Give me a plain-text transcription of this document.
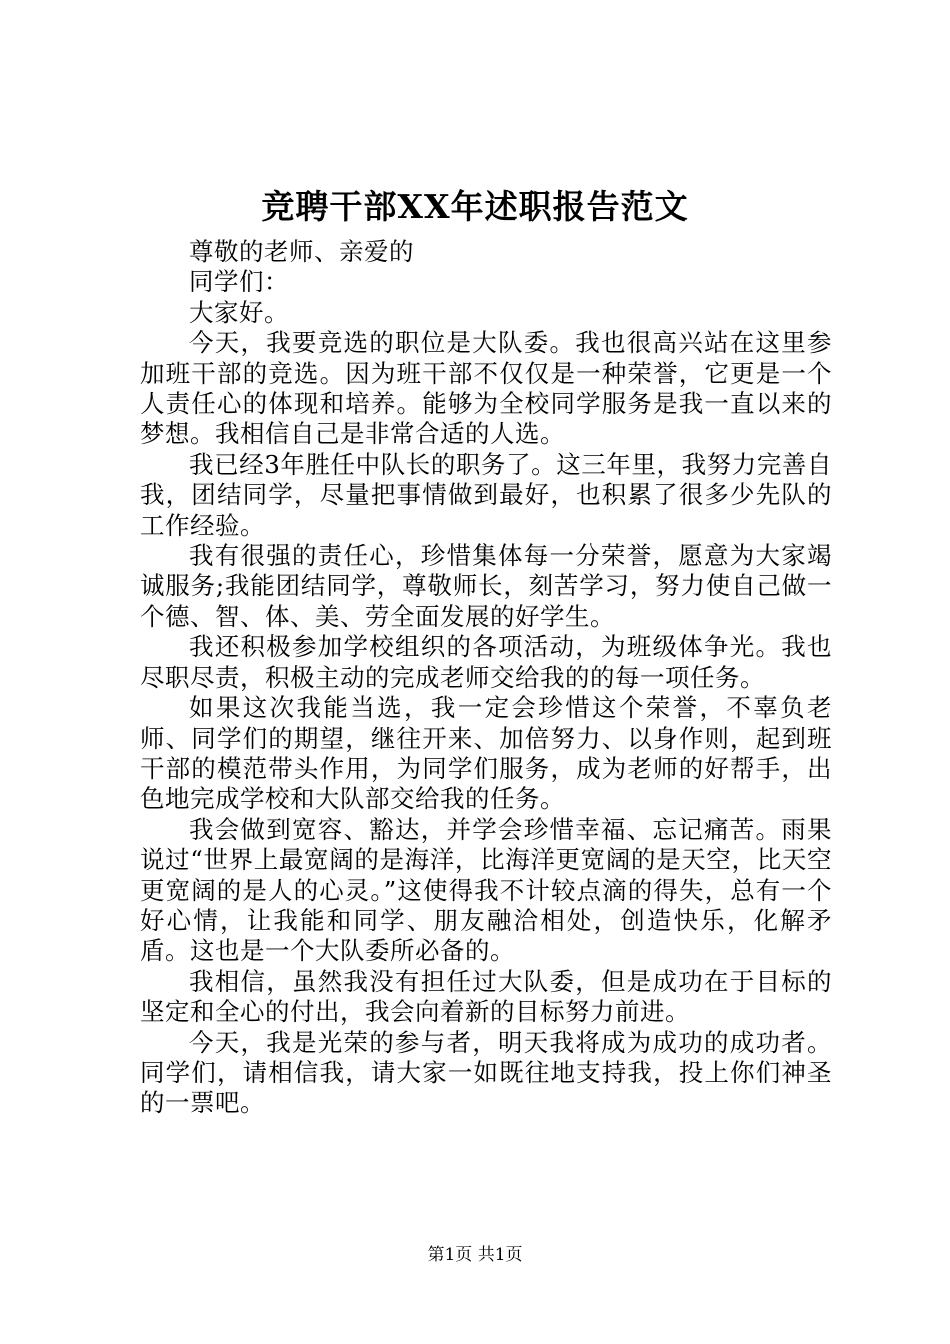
竞聘干部XX年述职报告范文

尊敬的老师、亲爱的

同学们：

大家好。

今天，我要竞选的职位是大队委。我也很高兴站在这里参加班干部的竞选。因为班干部不仅仅是一种荣誉，它更是一个人责任心的体现和培养。能够为全校同学服务是我一直以来的梦想。我相信自己是非常合适的人选。

我已经3年胜任中队长的职务了。这三年里，我努力完善自我，团结同学，尽量把事情做到最好，也积累了很多少先队的工作经验。

我有很强的责任心，珍惜集体每一分荣誉，愿意为大家竭诚服务;我能团结同学，尊敬师长，刻苦学习，努力使自己做一个德、智、体、美、劳全面发展的好学生。

我还积极参加学校组织的各项活动，为班级体争光。我也尽职尽责，积极主动的完成老师交给我的的每一项任务。

如果这次我能当选，我一定会珍惜这个荣誉，不辜负老师、同学们的期望，继往开来、加倍努力、以身作则，起到班干部的模范带头作用，为同学们服务，成为老师的好帮手，出色地完成学校和大队部交给我的任务。

我会做到宽容、豁达，并学会珍惜幸福、忘记痛苦。雨果说过“世界上最宽阔的是海洋，比海洋更宽阔的是天空，比天空更宽阔的是人的心灵。”这使得我不计较点滴的得失，总有一个好心情，让我能和同学、朋友融洽相处，创造快乐，化解矛盾。这也是一个大队委所必备的。

我相信，虽然我没有担任过大队委，但是成功在于目标的坚定和全心的付出，我会向着新的目标努力前进。

今天，我是光荣的参与者，明天我将成为成功的成功者。同学们，请相信我，请大家一如既往地支持我，投上你们神圣的一票吧。

第1页 共1页
